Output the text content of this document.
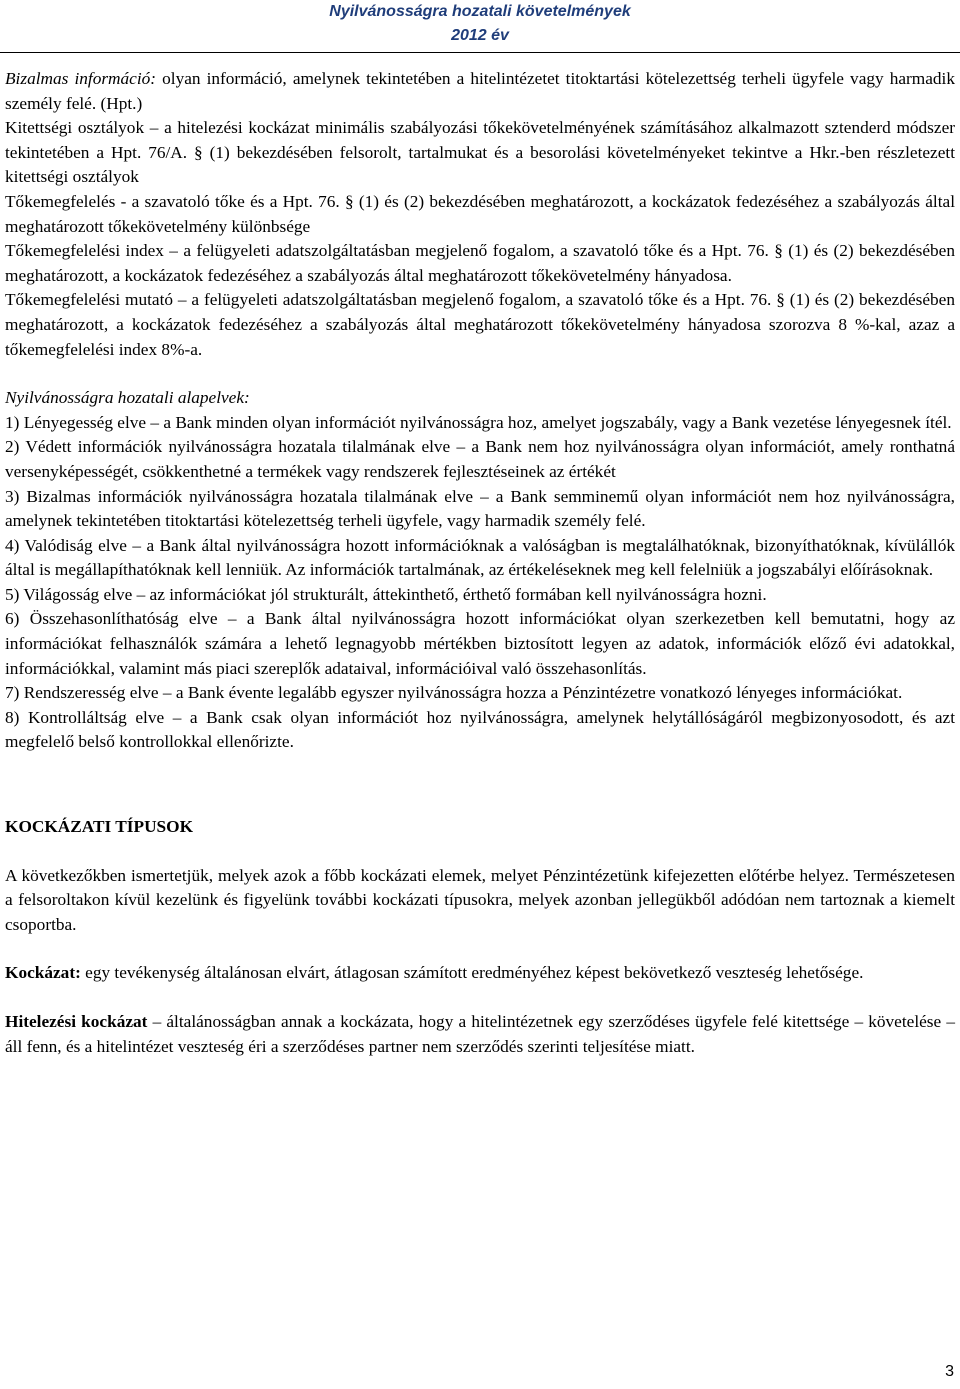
Nyilvánosságra hozatali követelmények
2012 év

Bizalmas információ: olyan információ, amelynek tekintetében a hitelintézetet titoktartási kötelezettség terheli ügyfele vagy harmadik személy felé. (Hpt.)

Kitettségi osztályok – a hitelezési kockázat minimális szabályozási tőkekövetelményének számításához alkalmazott sztenderd módszer tekintetében a Hpt. 76/A. § (1) bekezdésében felsorolt, tartalmukat és a besorolási követelményeket tekintve a Hkr.-ben részletezett kitettségi osztályok

Tőkemegfelelés - a szavatoló tőke és a Hpt. 76. § (1) és (2) bekezdésében meghatározott, a kockázatok fedezéséhez a szabályozás által meghatározott tőkekövetelmény különbsége

Tőkemegfelelési index – a felügyeleti adatszolgáltatásban megjelenő fogalom, a szavatoló tőke és a Hpt. 76. § (1) és (2) bekezdésében meghatározott, a kockázatok fedezéséhez a szabályozás által meghatározott tőkekövetelmény hányadosa.

Tőkemegfelelési mutató – a felügyeleti adatszolgáltatásban megjelenő fogalom, a szavatoló tőke és a Hpt. 76. § (1) és (2) bekezdésében meghatározott, a kockázatok fedezéséhez a szabályozás által meghatározott tőkekövetelmény hányadosa szorozva 8 %-kal, azaz a tőkemegfelelési index 8%-a.

Nyilvánosságra hozatali alapelvek:

1) Lényegesség elve – a Bank minden olyan információt nyilvánosságra hoz, amelyet jogszabály, vagy a Bank vezetése lényegesnek ítél.

2) Védett információk nyilvánosságra hozatala tilalmának elve – a Bank nem hoz nyilvánosságra olyan információt, amely ronthatná versenyképességét, csökkenthetné a termékek vagy rendszerek fejlesztéseinek az értékét

3) Bizalmas információk nyilvánosságra hozatala tilalmának elve – a Bank semminemű olyan információt nem hoz nyilvánosságra, amelynek tekintetében titoktartási kötelezettség terheli ügyfele, vagy harmadik személy felé.

4) Valódiság elve – a Bank által nyilvánosságra hozott információknak a valóságban is megtalálhatóknak, bizonyíthatóknak, kívülállók által is megállapíthatóknak kell lenniük. Az információk tartalmának, az értékeléseknek meg kell felelniük a jogszabályi előírásoknak.

5) Világosság elve – az információkat jól strukturált, áttekinthető, érthető formában kell nyilvánosságra hozni.

6) Összehasonlíthatóság elve – a Bank által nyilvánosságra hozott információkat olyan szerkezetben kell bemutatni, hogy az információkat felhasználók számára a lehető legnagyobb mértékben biztosított legyen az adatok, információk előző évi adatokkal, információkkal, valamint más piaci szereplők adataival, információival való összehasonlítás.

7) Rendszeresség elve – a Bank évente legalább egyszer nyilvánosságra hozza a Pénzintézetre vonatkozó lényeges információkat.

8) Kontrolláltság elve – a Bank csak olyan információt hoz nyilvánosságra, amelynek helytállóságáról megbizonyosodott, és azt megfelelő belső kontrollokkal ellenőrizte.

KOCKÁZATI TÍPUSOK

A következőkben ismertetjük, melyek azok a főbb kockázati elemek, melyet Pénzintézetünk kifejezetten előtérbe helyez. Természetesen a felsoroltakon kívül kezelünk és figyelünk további kockázati típusokra, melyek azonban jellegükből adódóan nem tartoznak a kiemelt csoportba.

Kockázat: egy tevékenység általánosan elvárt, átlagosan számított eredményéhez képest bekövetkező veszteség lehetősége.

Hitelezési kockázat – általánosságban annak a kockázata, hogy a hitelintézetnek egy szerződéses ügyfele felé kitettsége – követelése – áll fenn, és a hitelintézet veszteség éri a szerződéses partner nem szerződés szerinti teljesítése miatt.

3
